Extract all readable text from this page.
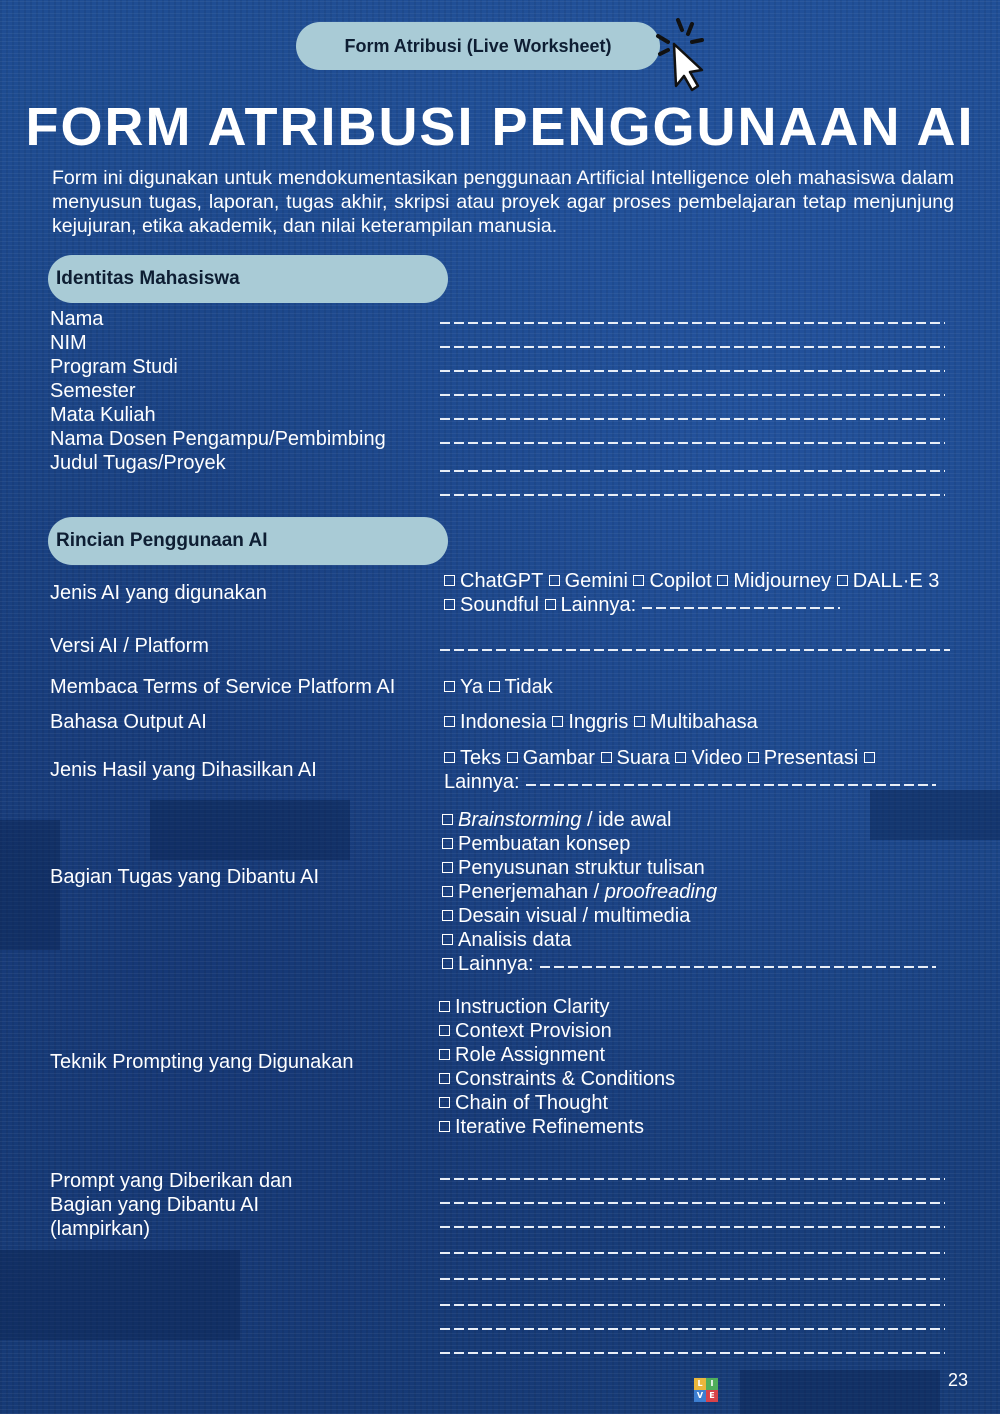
Form Atribusi (Live Worksheet)
FORM ATRIBUSI PENGGUNAAN AI

Form ini digunakan untuk mendokumentasikan penggunaan Artificial Intelligence oleh mahasiswa dalam menyusun tugas, laporan, tugas akhir, skripsi atau proyek agar proses pembelajaran tetap menjunjung kejujuran, etika akademik, dan nilai keterampilan manusia.

Identitas Mahasiswa
Nama
NIM
Program Studi
Semester
Mata Kuliah
Nama Dosen Pengampu/Pembimbing
Judul Tugas/Proyek
Rincian Penggunaan AI
Jenis AI yang digunakan
ChatGPT Gemini Copilot Midjourney DALL·E 3
Soundful Lainnya:
Versi AI / Platform
Membaca Terms of Service Platform AI	Ya Tidak
Bahasa Output AI	Indonesia Inggris Multibahasa
Jenis Hasil yang Dihasilkan AI
Teks Gambar Suara Video Presentasi
Lainnya:
Bagian Tugas yang Dibantu AI
Brainstorming / ide awal
Pembuatan konsep
Penyusunan struktur tulisan
Penerjemahan / proofreading
Desain visual / multimedia
Analisis data
Lainnya:
Teknik Prompting yang Digunakan
Instruction Clarity
Context Provision
Role Assignment
Constraints & Conditions
Chain of Thought
Iterative Refinements
Prompt yang Diberikan dan
Bagian yang Dibantu AI
(lampirkan)
L I
V E
23
